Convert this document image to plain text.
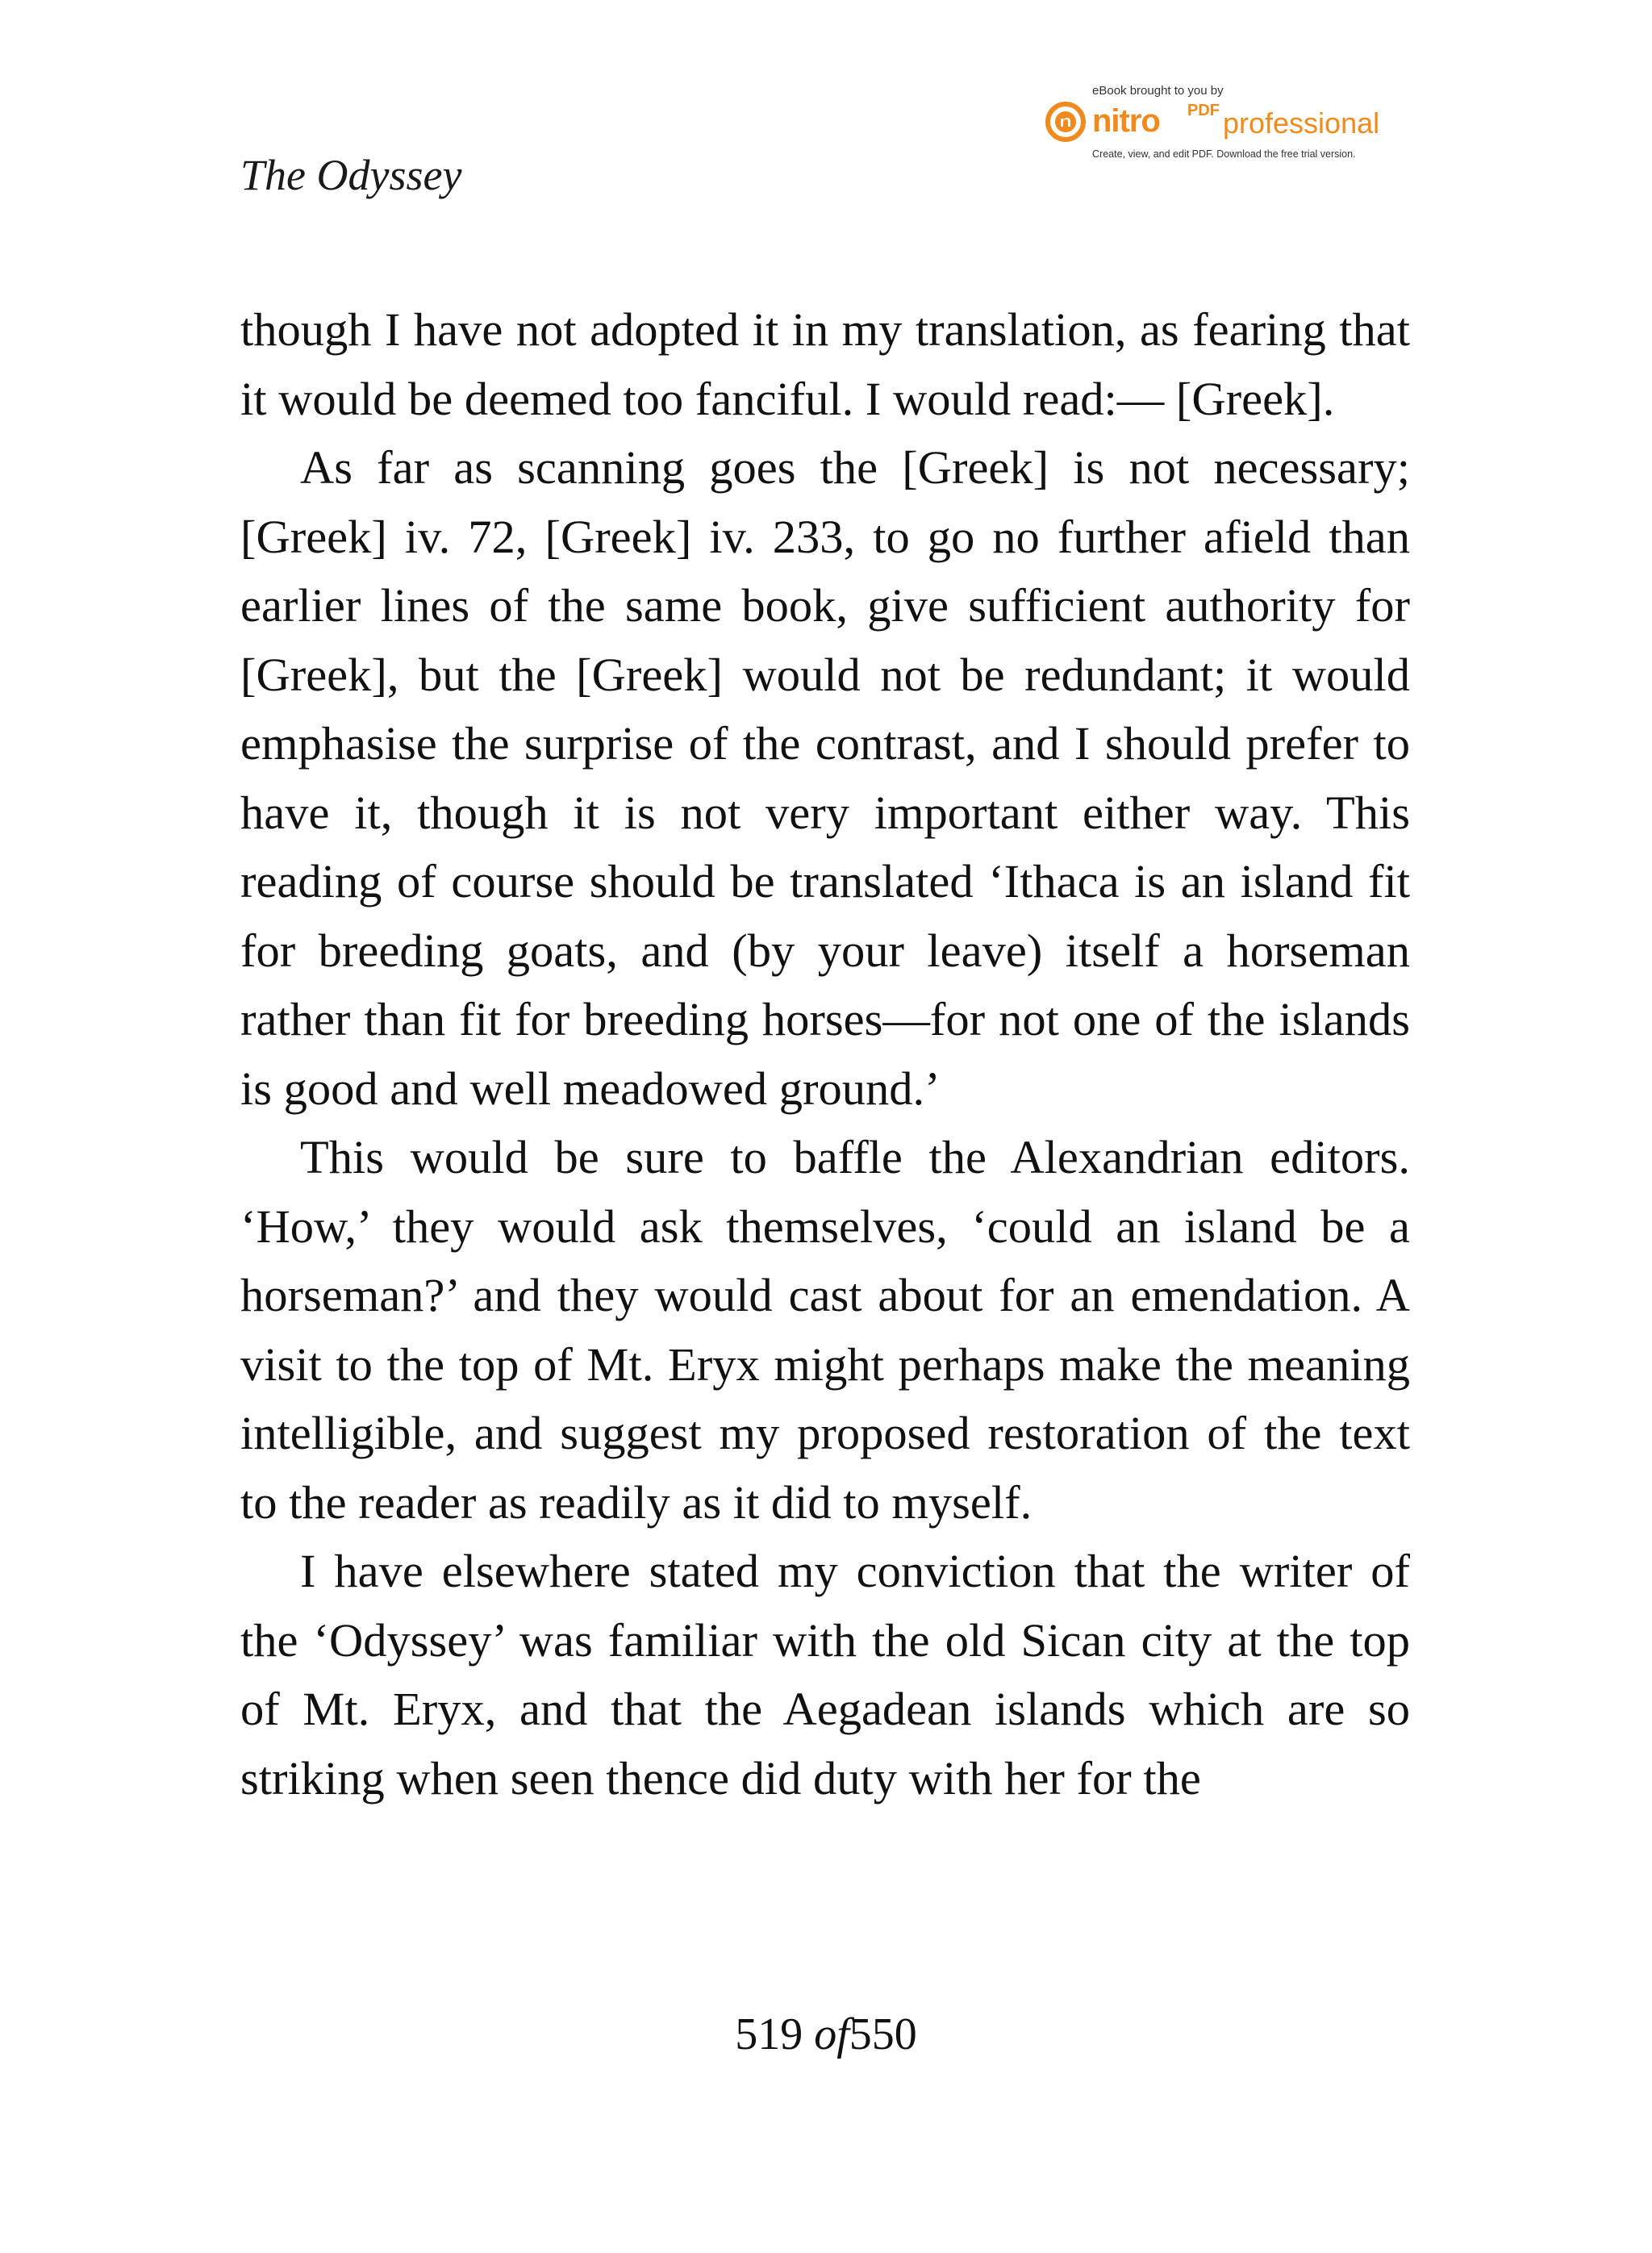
The Odyssey
eBook brought to you by
nitro PDF professional
Create, view, and edit PDF. Download the free trial version.

though I have not adopted it in my translation, as fearing that it would be deemed too fanciful. I would read:— [Greek].

As far as scanning goes the [Greek] is not necessary; [Greek] iv. 72, [Greek] iv. 233, to go no further afield than earlier lines of the same book, give sufficient authority for [Greek], but the [Greek] would not be redundant; it would emphasise the surprise of the contrast, and I should prefer to have it, though it is not very important either way. This reading of course should be translated ‘Ithaca is an island fit for breeding goats, and (by your leave) itself a horseman rather than fit for breeding horses—for not one of the islands is good and well meadowed ground.’

This would be sure to baffle the Alexandrian editors. ‘How,’ they would ask themselves, ‘could an island be a horseman?’ and they would cast about for an emendation. A visit to the top of Mt. Eryx might perhaps make the meaning intelligible, and suggest my proposed restoration of the text to the reader as readily as it did to myself.

I have elsewhere stated my conviction that the writer of the ‘Odyssey’ was familiar with the old Sican city at the top of Mt. Eryx, and that the Aegadean islands which are so striking when seen thence did duty with her for the

519 of550
